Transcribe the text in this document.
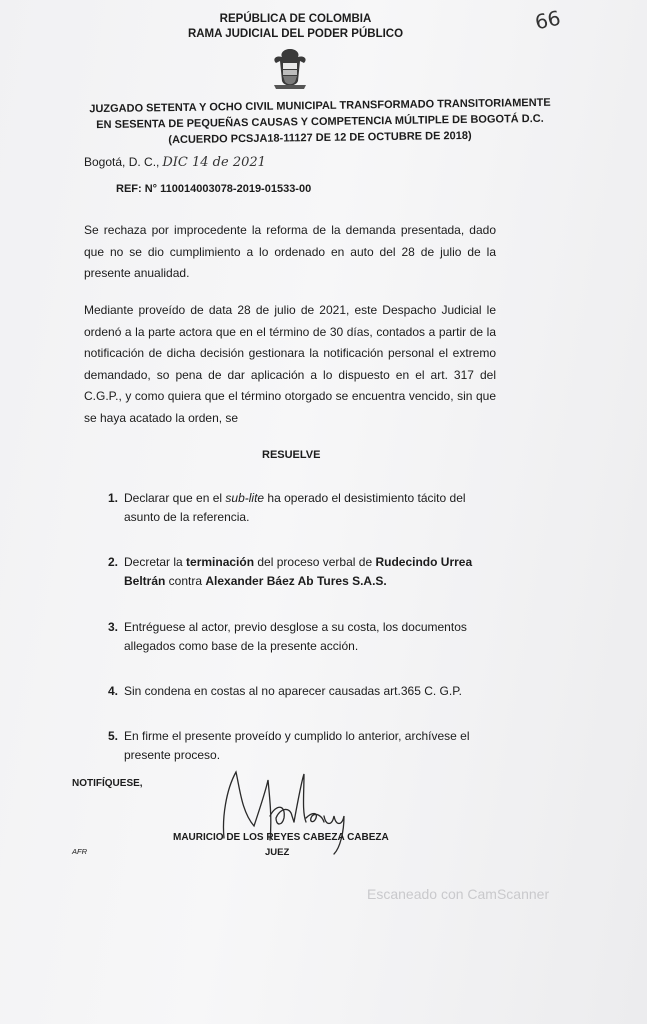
REPÚBLICA DE COLOMBIA
RAMA JUDICIAL DEL PODER PÚBLICO	66
JUZGADO SETENTA Y OCHO CIVIL MUNICIPAL TRANSFORMADO TRANSITORIAMENTE
EN SESENTA DE PEQUEÑAS CAUSAS Y COMPETENCIA MÚLTIPLE DE BOGOTÁ D.C.
(ACUERDO PCSJA18-11127 DE 12 DE OCTUBRE DE 2018)
Bogotá, D. C., DIC 14 de 2021
REF: N° 110014003078-2019-01533-00
Se rechaza por improcedente la reforma de la demanda presentada, dado que no se dio cumplimiento a lo ordenado en auto del 28 de julio de la presente anualidad.
Mediante proveído de data 28 de julio de 2021, este Despacho Judicial le ordenó a la parte actora que en el término de 30 días, contados a partir de la notificación de dicha decisión gestionara la notificación personal el extremo demandado, so pena de dar aplicación a lo dispuesto en el art. 317 del C.G.P., y como quiera que el término otorgado se encuentra vencido, sin que se haya acatado la orden, se
RESUELVE
1. Declarar que en el sub-lite ha operado el desistimiento tácito del asunto de la referencia.
2. Decretar la terminación del proceso verbal de Rudecindo Urrea Beltrán contra Alexander Báez Ab Tures S.A.S.
3. Entréguese al actor, previo desglose a su costa, los documentos allegados como base de la presente acción.
4. Sin condena en costas al no aparecer causadas art.365 C. G.P.
5. En firme el presente proveído y cumplido lo anterior, archívese el presente proceso.
NOTIFÍQUESE,
MAURICIO DE LOS REYES CABEZA CABEZA
JUEZ
AFR
Escaneado con CamScanner
